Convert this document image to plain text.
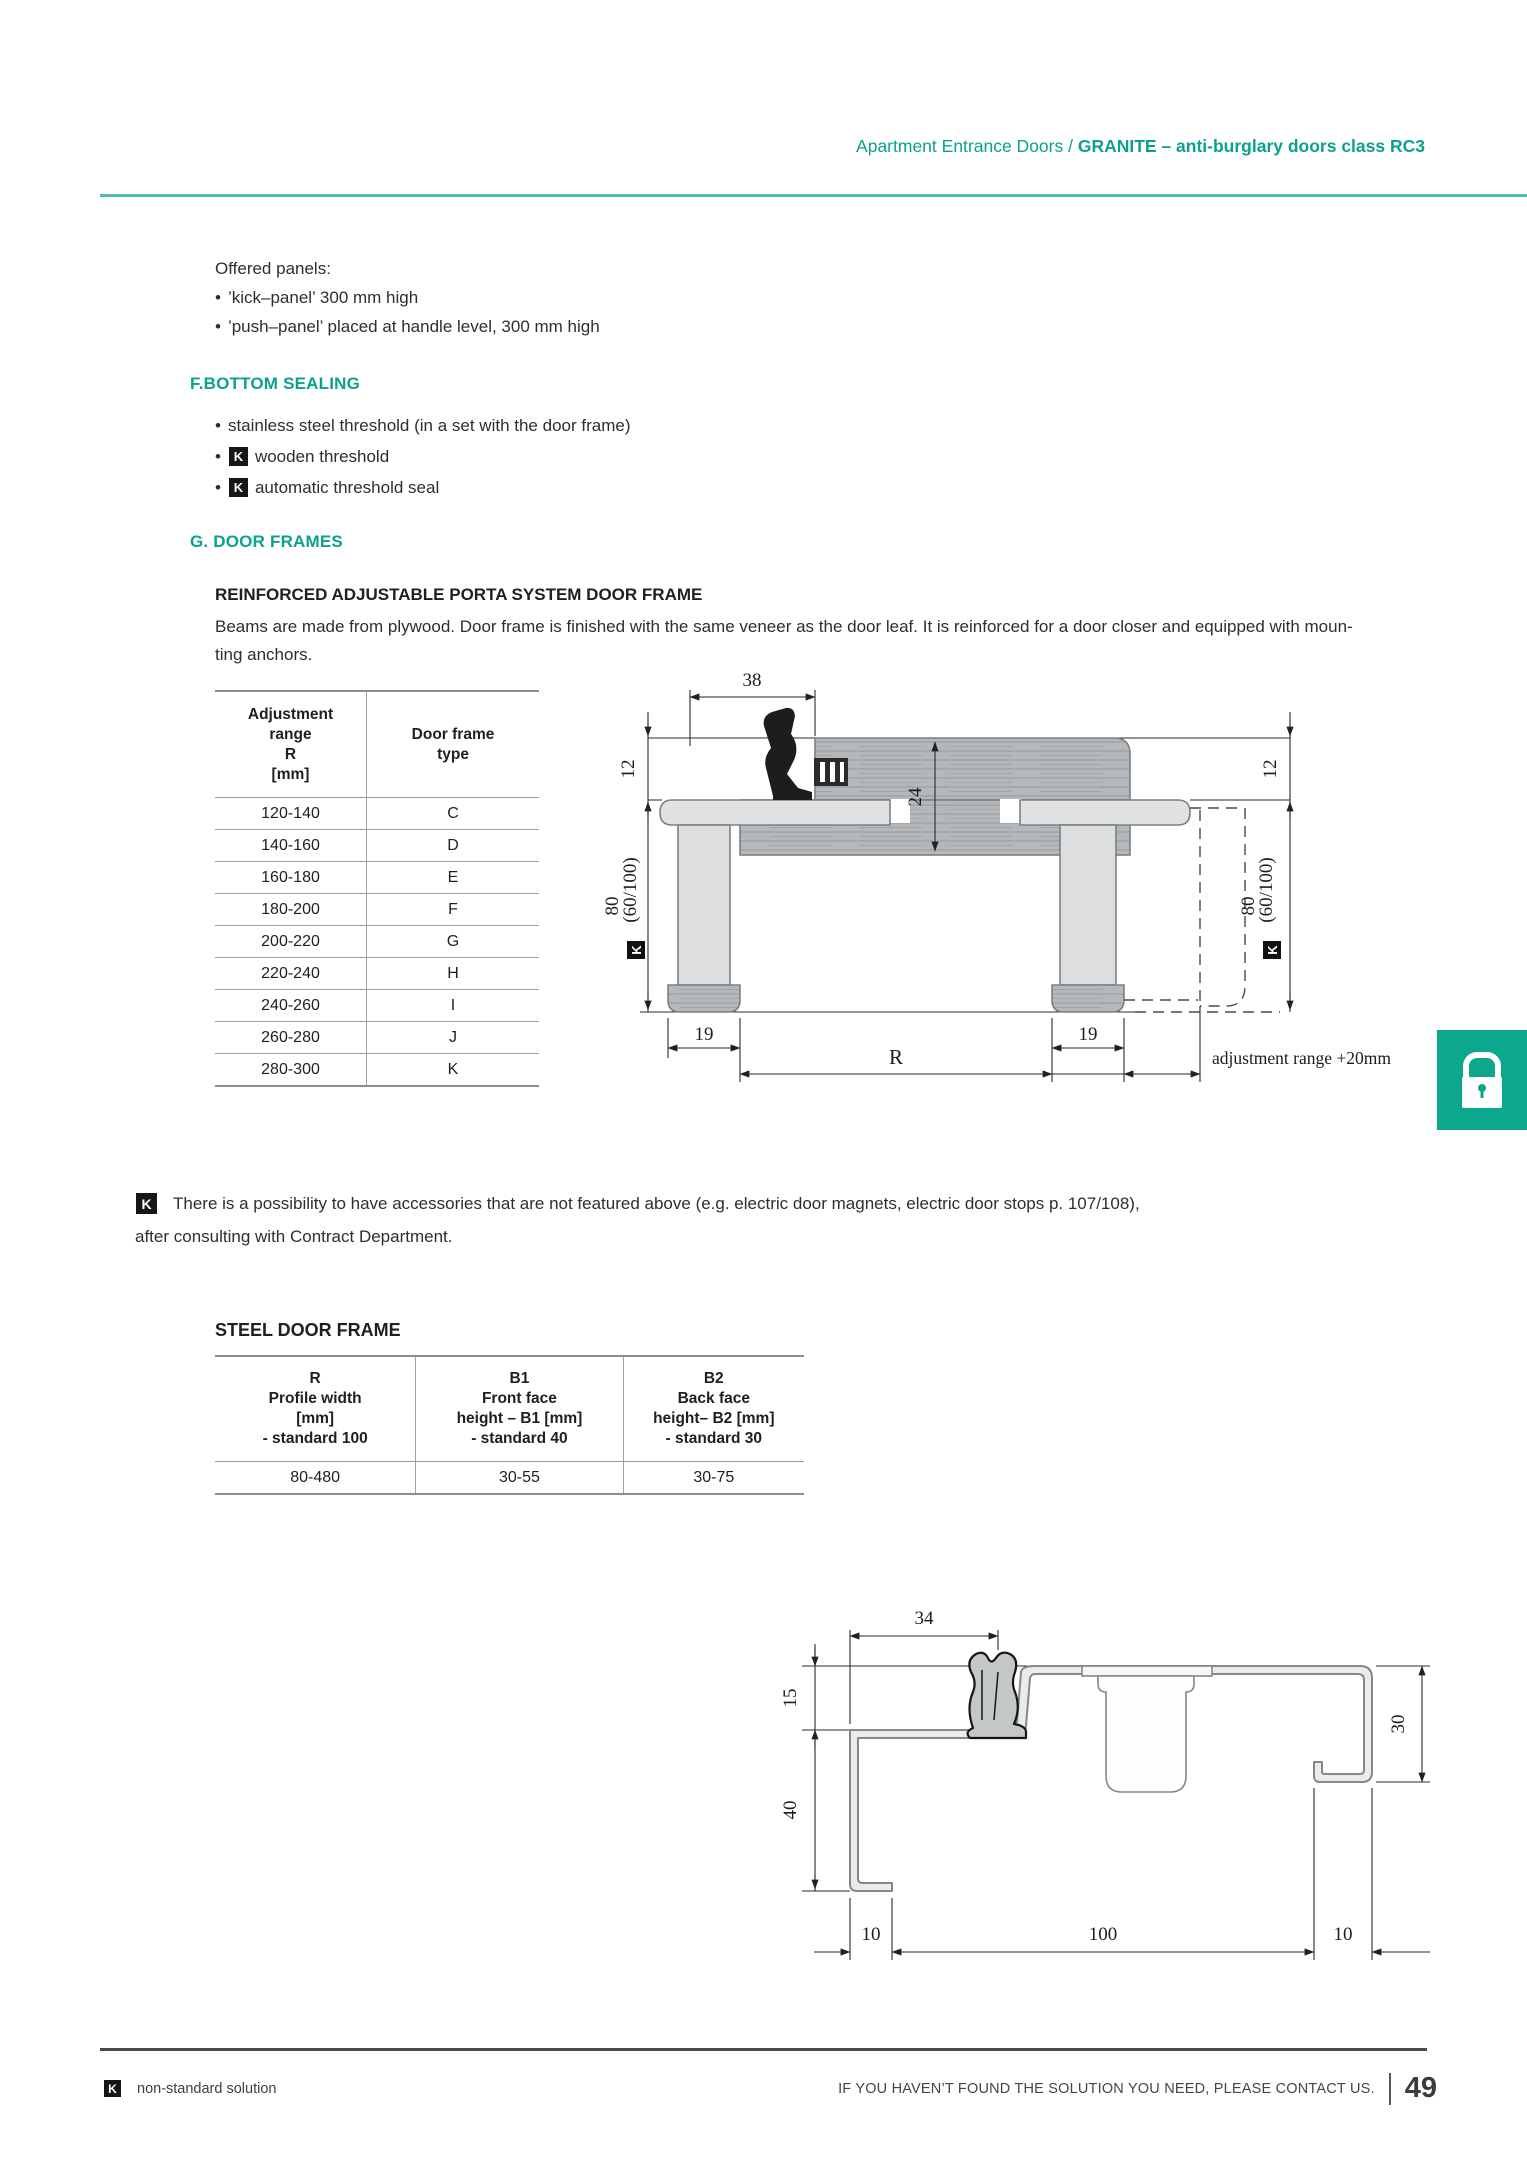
Apartment Entrance Doors / GRANITE – anti-burglary doors class RC3
Offered panels:
• ’kick–panel’ 300 mm high
• ’push–panel’ placed at handle level, 300 mm high
F.BOTTOM SEALING
• stainless steel threshold (in a set with the door frame)
• K wooden threshold
• K automatic threshold seal
G. DOOR FRAMES
REINFORCED ADJUSTABLE PORTA SYSTEM DOOR FRAME
Beams are made from plywood. Door frame is finished with the same veneer as the door leaf. It is reinforced for a door closer and equipped with moun-
ting anchors.
Adjustment
range
R
[mm]

Door frame
type

120-140	C
140-160	D
160-180	E
180-200	F
200-220	G
220-240	H
240-260	I
260-280	J
280-300	K
38
12
80
(60/100)
K
24
12
80
(60/100)
K
19	19
R	adjustment range +20mm
K	There is a possibility to have accessories that are not featured above (e.g. electric door magnets, electric door stops p. 107/108),
after consulting with Contract Department.
STEEL DOOR FRAME
R
Profile width
[mm]
- standard 100

B1
Front face
height – B1 [mm]
- standard 40

B2
Back face
height– B2 [mm]
- standard 30

80-480	30-55	30-75
34
15
40
30
10	100	10
K non-standard solution	IF YOU HAVEN’T FOUND THE SOLUTION YOU NEED, PLEASE CONTACT US. 49
